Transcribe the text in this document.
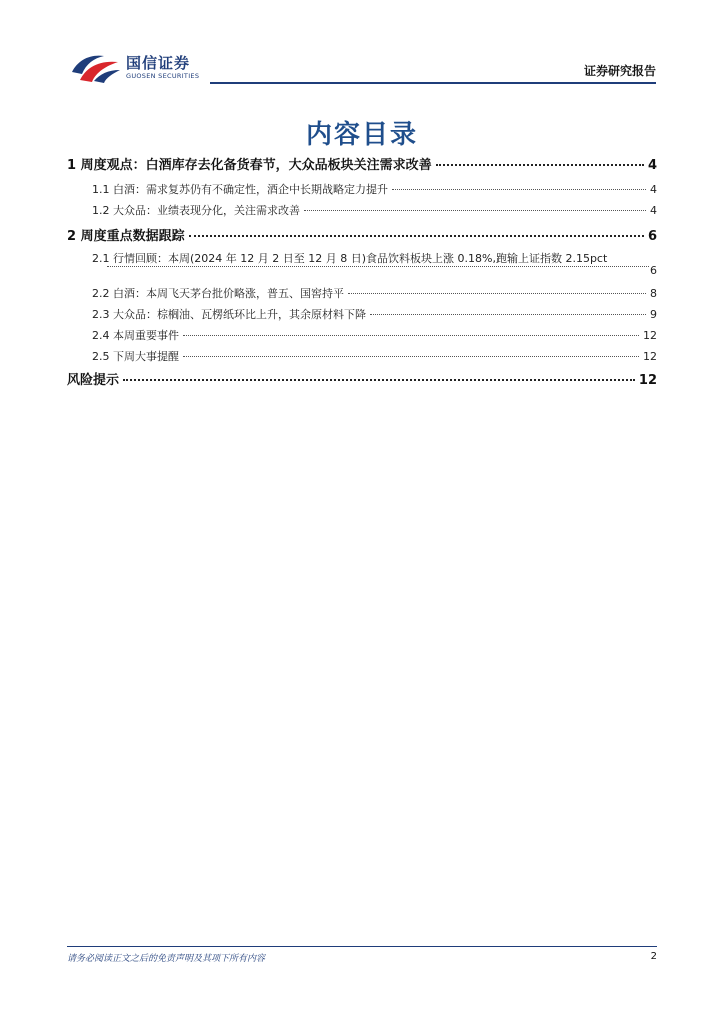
国信证券
GUOSEN SECURITIES	证券研究报告
内容目录
1 周度观点：白酒库存去化备货春节，大众品板块关注需求改善	4
1.1 白酒：需求复苏仍有不确定性，酒企中长期战略定力提升	4
1.2 大众品：业绩表现分化，关注需求改善	4
2 周度重点数据跟踪	6
2.1 行情回顾：本周(2024 年 12 月 2 日至 12 月 8 日)食品饮料板块上涨 0.18%,跑输上证指数 2.15pct
6
2.2 白酒：本周飞天茅台批价略涨，普五、国窖持平	8
2.3 大众品：棕榈油、瓦楞纸环比上升，其余原材料下降	9
2.4 本周重要事件	12
2.5 下周大事提醒	12
风险提示	12
请务必阅读正文之后的免责声明及其项下所有内容	2
